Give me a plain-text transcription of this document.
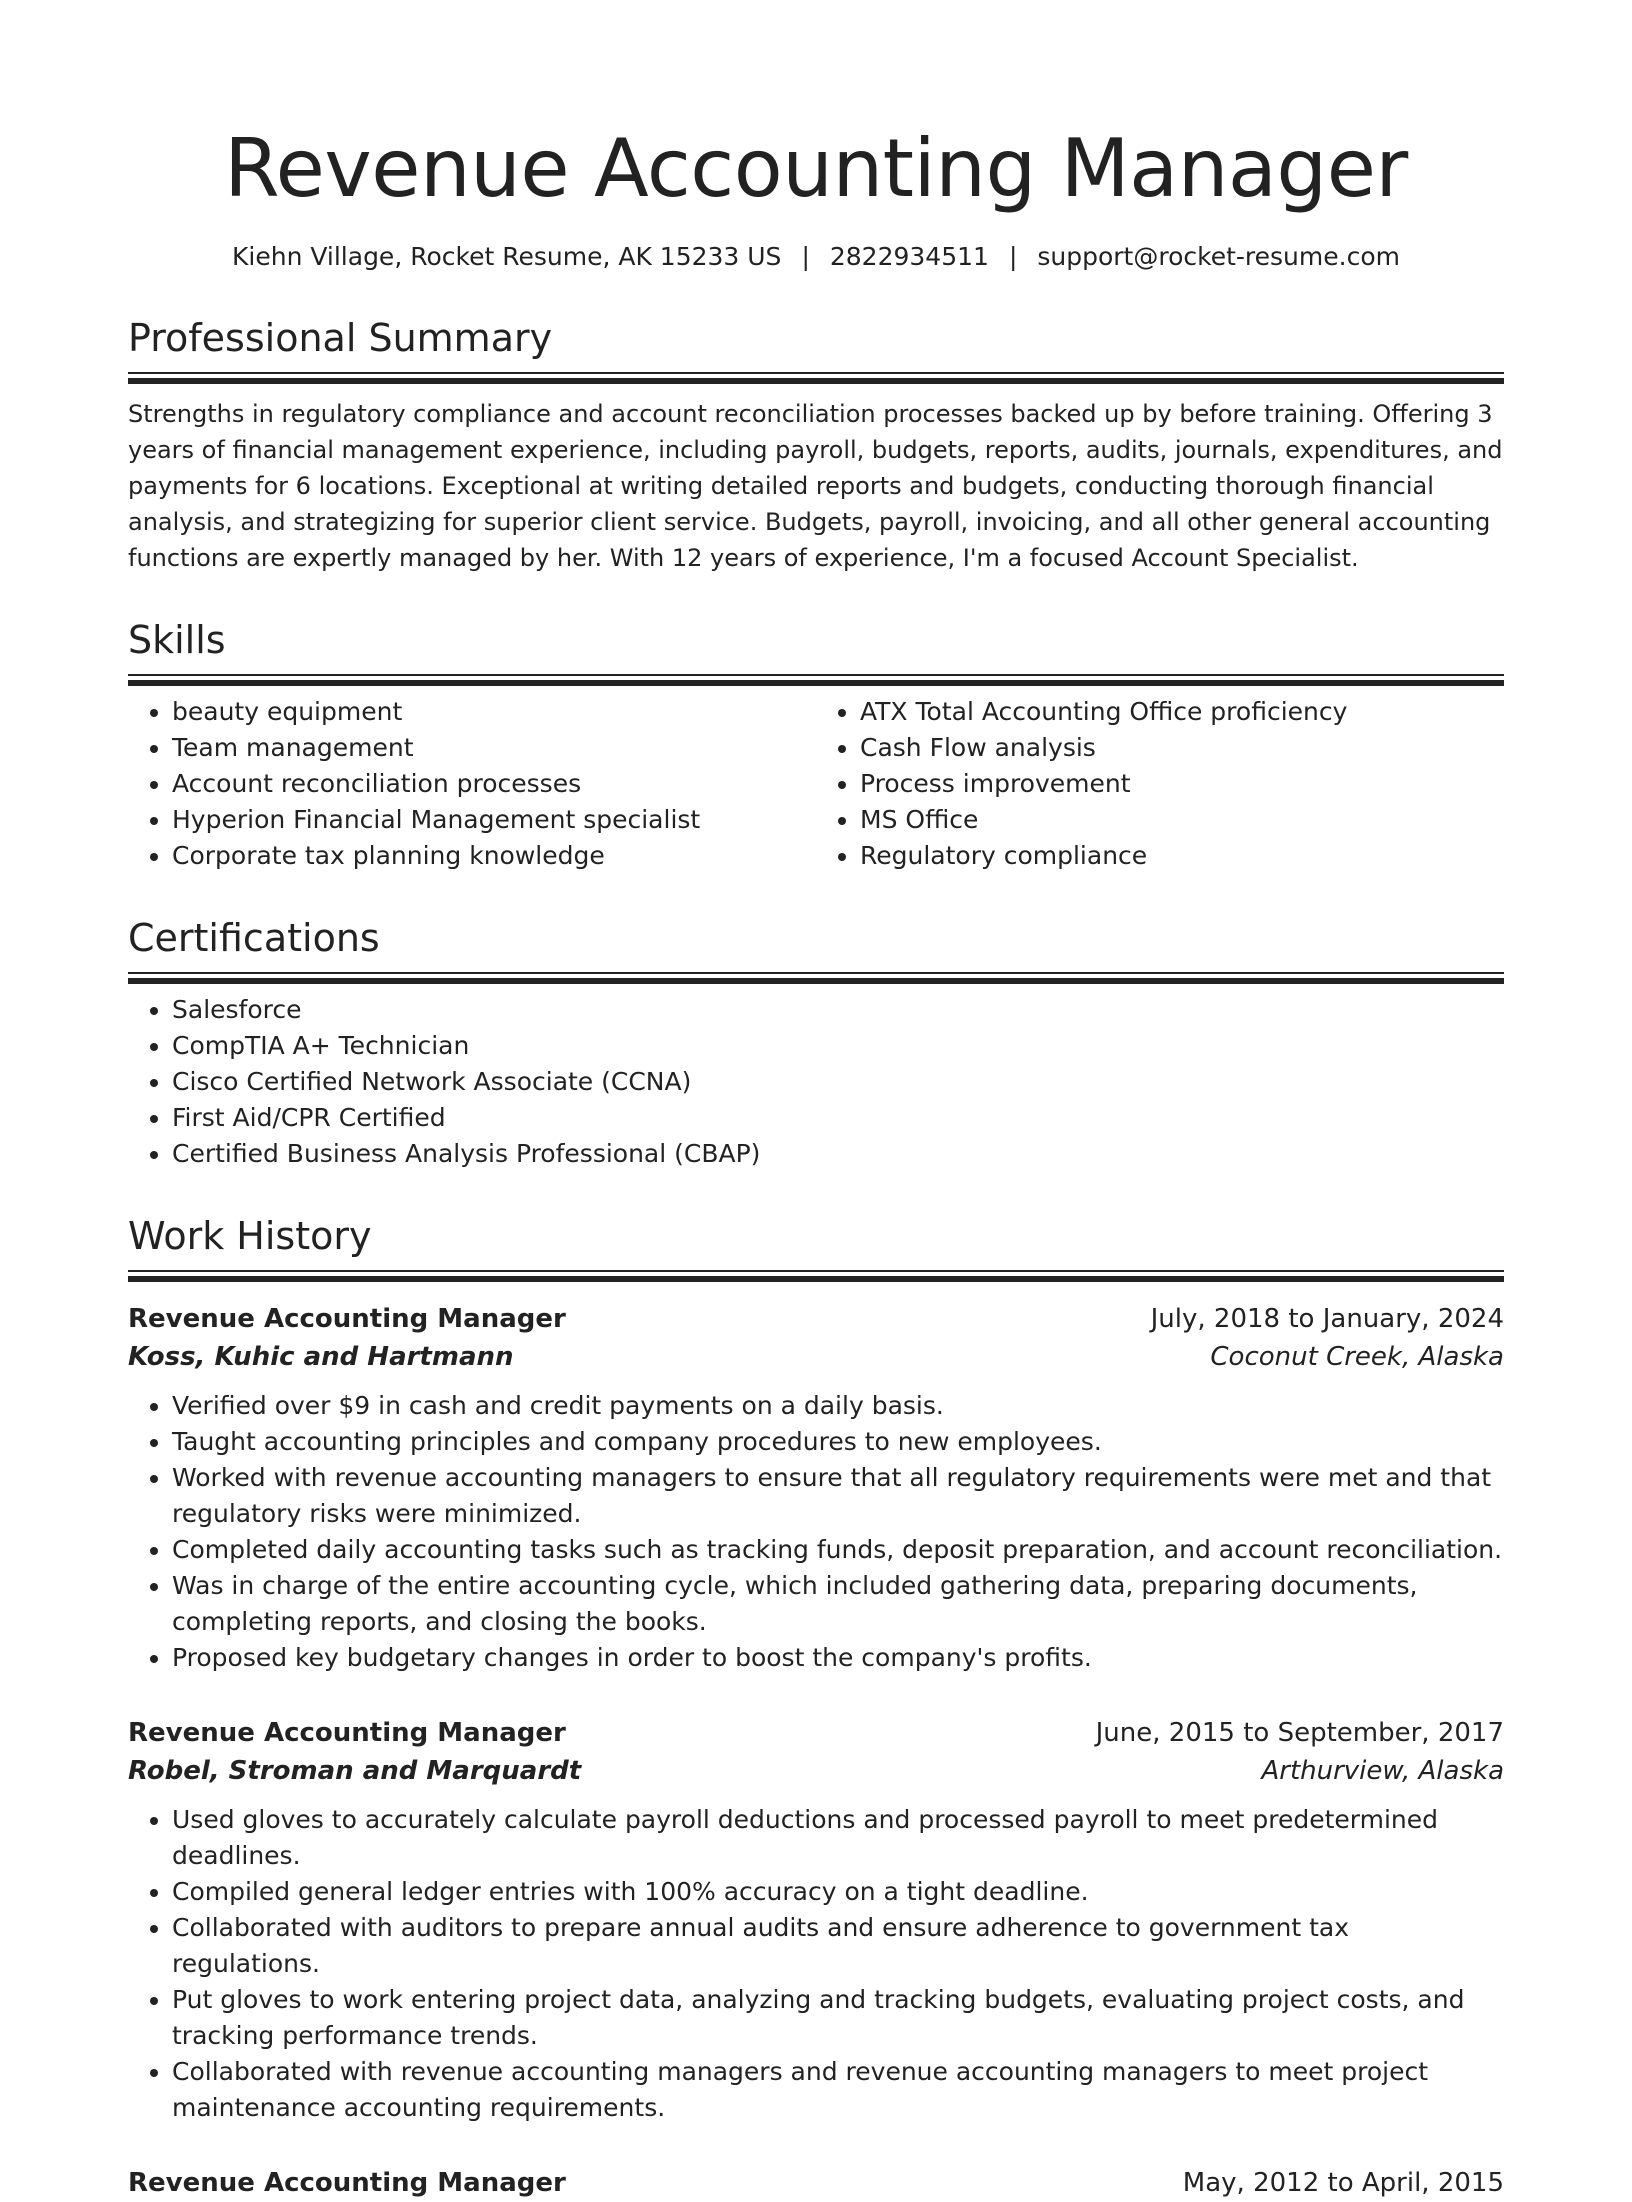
Revenue Accounting Manager
Kiehn Village, Rocket Resume, AK 15233 US | 2822934511 | support@rocket-resume.com
Professional Summary

Strengths in regulatory compliance and account reconciliation processes backed up by before training. Offering 3 years of financial management experience, including payroll, budgets, reports, audits, journals, expenditures, and payments for 6 locations. Exceptional at writing detailed reports and budgets, conducting thorough financial analysis, and strategizing for superior client service. Budgets, payroll, invoicing, and all other general accounting functions are expertly managed by her. With 12 years of experience, I'm a focused Account Specialist.

Skills
• beauty equipment
• Team management
• Account reconciliation processes
• Hyperion Financial Management specialist
• Corporate tax planning knowledge
• ATX Total Accounting Office proficiency
• Cash Flow analysis
• Process improvement
• MS Office
• Regulatory compliance
Certifications
• Salesforce
• CompTIA A+ Technician
• Cisco Certified Network Associate (CCNA)
• First Aid/CPR Certified
• Certified Business Analysis Professional (CBAP)
Work History
Revenue Accounting Manager	July, 2018 to January, 2024
Koss, Kuhic and Hartmann	Coconut Creek, Alaska
• Verified over $9 in cash and credit payments on a daily basis.
• Taught accounting principles and company procedures to new employees.
• Worked with revenue accounting managers to ensure that all regulatory requirements were met and that regulatory risks were minimized.
• Completed daily accounting tasks such as tracking funds, deposit preparation, and account reconciliation.
• Was in charge of the entire accounting cycle, which included gathering data, preparing documents, completing reports, and closing the books.
• Proposed key budgetary changes in order to boost the company's profits.
Revenue Accounting Manager	June, 2015 to September, 2017
Robel, Stroman and Marquardt	Arthurview, Alaska
• Used gloves to accurately calculate payroll deductions and processed payroll to meet predetermined deadlines.
• Compiled general ledger entries with 100% accuracy on a tight deadline.
• Collaborated with auditors to prepare annual audits and ensure adherence to government tax regulations.
• Put gloves to work entering project data, analyzing and tracking budgets, evaluating project costs, and tracking performance trends.
• Collaborated with revenue accounting managers and revenue accounting managers to meet project maintenance accounting requirements.
Revenue Accounting Manager	May, 2012 to April, 2015
